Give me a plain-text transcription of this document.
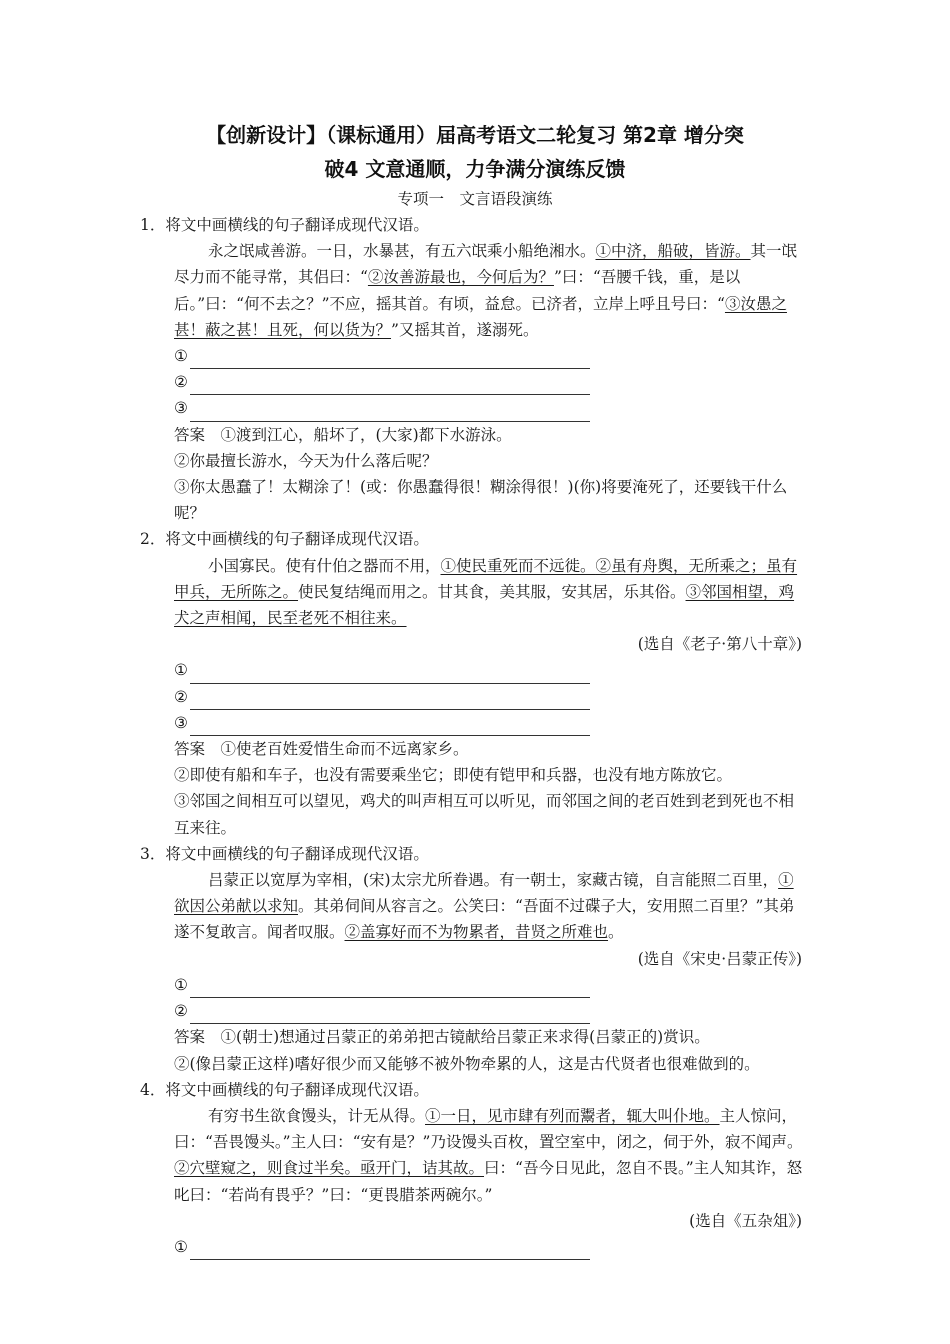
【创新设计】（课标通用）届高考语文二轮复习 第2章 增分突
破4 文意通顺，力争满分演练反馈
专项一　文言语段演练

1．将文中画横线的句子翻译成现代汉语。

永之氓咸善游。一日，水暴甚，有五六氓乘小船绝湘水。①中济，船破，皆游。其一氓尽力而不能寻常，其侣曰：“②汝善游最也，今何后为？”曰：“吾腰千钱，重，是以后。”曰：“何不去之？”不应，摇其首。有顷，益怠。已济者，立岸上呼且号曰：“③汝愚之甚！蔽之甚！且死，何以货为？”又摇其首，遂溺死。

①

②

③

答案　 ①渡到江心，船坏了，(大家)都下水游泳。

②你最擅长游水，今天为什么落后呢？

③你太愚蠢了！太糊涂了！(或：你愚蠢得很！糊涂得很！)(你)将要淹死了，还要钱干什么呢？

2．将文中画横线的句子翻译成现代汉语。

小国寡民。使有什伯之器而不用，①使民重死而不远徙。②虽有舟舆，无所乘之；虽有甲兵，无所陈之。使民复结绳而用之。甘其食，美其服，安其居，乐其俗。③邻国相望，鸡犬之声相闻，民至老死不相往来。

(选自《老子·第八十章》)

①

②

③

答案　 ①使老百姓爱惜生命而不远离家乡。

②即使有船和车子，也没有需要乘坐它；即使有铠甲和兵器，也没有地方陈放它。

③邻国之间相互可以望见，鸡犬的叫声相互可以听见，而邻国之间的老百姓到老到死也不相互来往。

3．将文中画横线的句子翻译成现代汉语。

吕蒙正以宽厚为宰相，(宋)太宗尤所眷遇。有一朝士，家藏古镜，自言能照二百里，①欲因公弟献以求知。其弟伺间从容言之。公笑曰：“吾面不过碟子大，安用照二百里？”其弟遂不复敢言。闻者叹服。②盖寡好而不为物累者，昔贤之所难也。

(选自《宋史·吕蒙正传》)

①

②

答案　 ①(朝士)想通过吕蒙正的弟弟把古镜献给吕蒙正来求得(吕蒙正的)赏识。

②(像吕蒙正这样)嗜好很少而又能够不被外物牵累的人，这是古代贤者也很难做到的。

4．将文中画横线的句子翻译成现代汉语。

有穷书生欲食馒头，计无从得。①一日，见市肆有列而鬻者，辄大叫仆地。主人惊问，曰：“吾畏馒头。”主人曰：“安有是？”乃设馒头百枚，置空室中，闭之，伺于外，寂不闻声。②穴壁窥之，则食过半矣。亟开门，诘其故。曰：“吾今日见此，忽自不畏。”主人知其诈，怒叱曰：“若尚有畏乎？”曰：“更畏腊茶两碗尔。”

(选自《五杂俎》)

①
